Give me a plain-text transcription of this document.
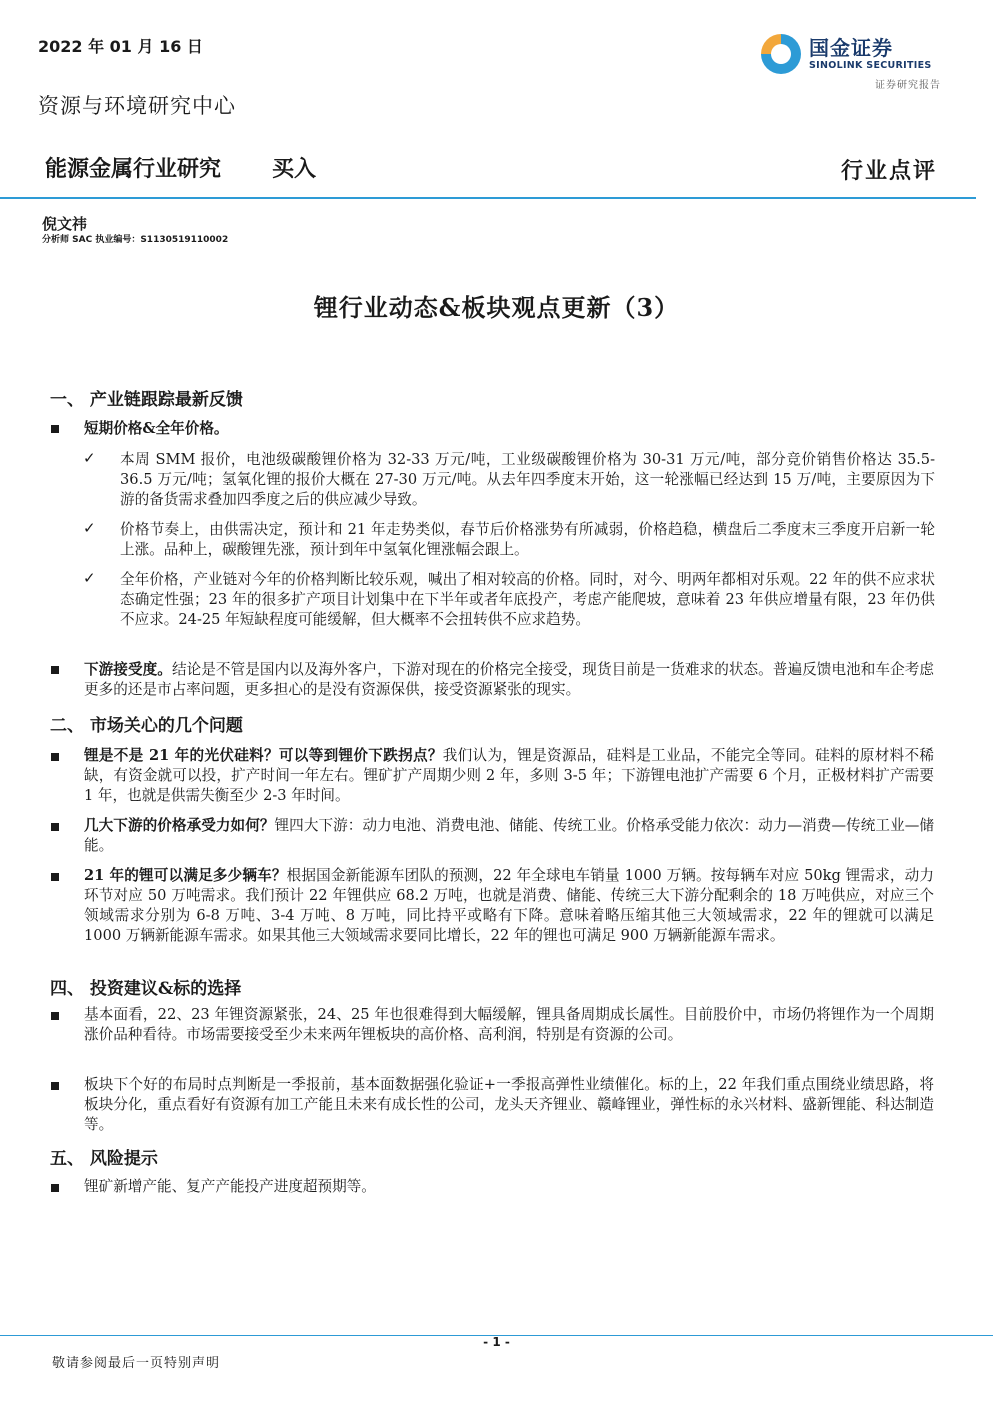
2022 年 01 月 16 日
资源与环境研究中心
国金证券
SINOLINK SECURITIES
证券研究报告
能源金属行业研究 买入	行业点评
倪文祎
分析师 SAC 执业编号：S1130519110002
锂行业动态&板块观点更新（3）
一、 产业链跟踪最新反馈
短期价格&全年价格。
✓ 本周 SMM 报价，电池级碳酸锂价格为 32-33 万元/吨，工业级碳酸锂价格为 30-31 万元/吨，部分竞价销售价格达 35.5-36.5 万元/吨；氢氧化锂的报价大概在 27-30 万元/吨。从去年四季度末开始，这一轮涨幅已经达到 15 万/吨，主要原因为下游的备货需求叠加四季度之后的供应减少导致。
✓ 价格节奏上，由供需决定，预计和 21 年走势类似，春节后价格涨势有所减弱，价格趋稳，横盘后二季度末三季度开启新一轮上涨。品种上，碳酸锂先涨，预计到年中氢氧化锂涨幅会跟上。
✓ 全年价格，产业链对今年的价格判断比较乐观，喊出了相对较高的价格。同时，对今、明两年都相对乐观。22 年的供不应求状态确定性强；23 年的很多扩产项目计划集中在下半年或者年底投产，考虑产能爬坡，意味着 23 年供应增量有限，23 年仍供不应求。24-25 年短缺程度可能缓解，但大概率不会扭转供不应求趋势。
下游接受度。结论是不管是国内以及海外客户，下游对现在的价格完全接受，现货目前是一货难求的状态。普遍反馈电池和车企考虑更多的还是市占率问题，更多担心的是没有资源保供，接受资源紧张的现实。
二、 市场关心的几个问题
锂是不是 21 年的光伏硅料？可以等到锂价下跌拐点？我们认为，锂是资源品，硅料是工业品，不能完全等同。硅料的原材料不稀缺，有资金就可以投，扩产时间一年左右。锂矿扩产周期少则 2 年，多则 3-5 年；下游锂电池扩产需要 6 个月，正极材料扩产需要 1 年，也就是供需失衡至少 2-3 年时间。
几大下游的价格承受力如何？锂四大下游：动力电池、消费电池、储能、传统工业。价格承受能力依次：动力—消费—传统工业—储能。
21 年的锂可以满足多少辆车？根据国金新能源车团队的预测，22 年全球电车销量 1000 万辆。按每辆车对应 50kg 锂需求，动力环节对应 50 万吨需求。我们预计 22 年锂供应 68.2 万吨，也就是消费、储能、传统三大下游分配剩余的 18 万吨供应，对应三个领域需求分别为 6-8 万吨、3-4 万吨、8 万吨，同比持平或略有下降。意味着略压缩其他三大领域需求，22 年的锂就可以满足 1000 万辆新能源车需求。如果其他三大领域需求要同比增长，22 年的锂也可满足 900 万辆新能源车需求。
四、 投资建议&标的选择
基本面看，22、23 年锂资源紧张，24、25 年也很难得到大幅缓解，锂具备周期成长属性。目前股价中，市场仍将锂作为一个周期涨价品种看待。市场需要接受至少未来两年锂板块的高价格、高利润，特别是有资源的公司。
板块下个好的布局时点判断是一季报前，基本面数据强化验证+一季报高弹性业绩催化。标的上，22 年我们重点围绕业绩思路，将板块分化，重点看好有资源有加工产能且未来有成长性的公司，龙头天齐锂业、赣峰锂业，弹性标的永兴材料、盛新锂能、科达制造等。
五、 风险提示
锂矿新增产能、复产产能投产进度超预期等。
- 1 -
敬请参阅最后一页特别声明
